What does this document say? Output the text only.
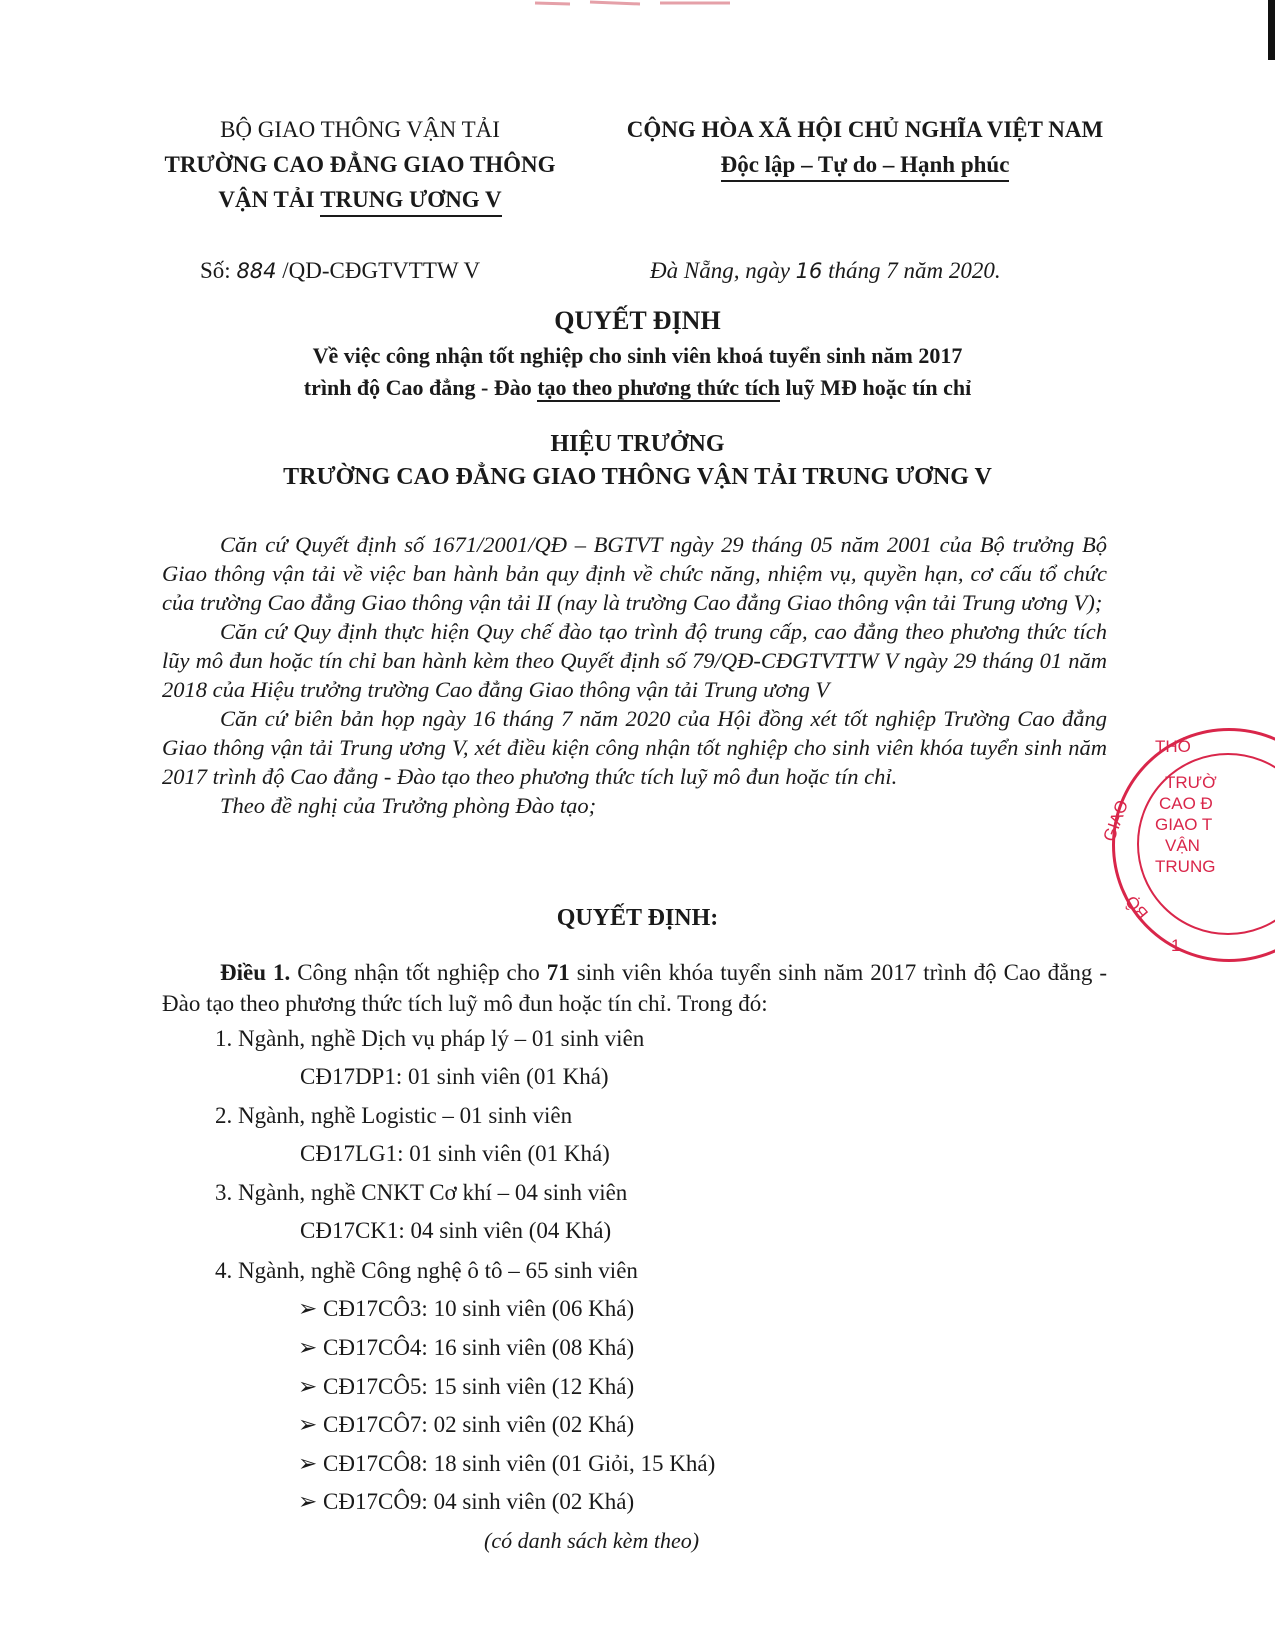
BỘ GIAO THÔNG VẬN TẢI
TRƯỜNG CAO ĐẲNG GIAO THÔNG
VẬN TẢI TRUNG ƯƠNG V
CỘNG HÒA XÃ HỘI CHỦ NGHĨA VIỆT NAM
Độc lập – Tự do – Hạnh phúc
Số: 884 /QD-CĐGTVTTW V	Đà Nẵng, ngày 16 tháng 7 năm 2020.
QUYẾT ĐỊNH
Về việc công nhận tốt nghiệp cho sinh viên khoá tuyển sinh năm 2017
trình độ Cao đẳng - Đào tạo theo phương thức tích luỹ MĐ hoặc tín chỉ
HIỆU TRƯỞNG
TRƯỜNG CAO ĐẲNG GIAO THÔNG VẬN TẢI TRUNG ƯƠNG V

Căn cứ Quyết định số 1671/2001/QĐ – BGTVT ngày 29 tháng 05 năm 2001 của Bộ trưởng Bộ Giao thông vận tải về việc ban hành bản quy định về chức năng, nhiệm vụ, quyền hạn, cơ cấu tổ chức của trường Cao đẳng Giao thông vận tải II (nay là trường Cao đẳng Giao thông vận tải Trung ương V);

Căn cứ Quy định thực hiện Quy chế đào tạo trình độ trung cấp, cao đẳng theo phương thức tích lũy mô đun hoặc tín chỉ ban hành kèm theo Quyết định số 79/QĐ-CĐGTVTTW V ngày 29 tháng 01 năm 2018 của Hiệu trưởng trường Cao đẳng Giao thông vận tải Trung ương V

Căn cứ biên bản họp ngày 16 tháng 7 năm 2020 của Hội đồng xét tốt nghiệp Trường Cao đẳng Giao thông vận tải Trung ương V, xét điều kiện công nhận tốt nghiệp cho sinh viên khóa tuyển sinh năm 2017 trình độ Cao đẳng - Đào tạo theo phương thức tích luỹ mô đun hoặc tín chỉ.

Theo đề nghị của Trưởng phòng Đào tạo;

THÔ
GIAO
BỘ
1
TRƯỜ
CAO Đ
GIAO T
VẬN
TRUNG
QUYẾT ĐỊNH:
Điều 1. Công nhận tốt nghiệp cho 71 sinh viên khóa tuyển sinh năm 2017 trình độ Cao đẳng - Đào tạo theo phương thức tích luỹ mô đun hoặc tín chỉ. Trong đó:
1. Ngành, nghề Dịch vụ pháp lý – 01 sinh viên
CĐ17DP1: 01 sinh viên (01 Khá)
2. Ngành, nghề Logistic – 01 sinh viên
CĐ17LG1: 01 sinh viên (01 Khá)
3. Ngành, nghề CNKT Cơ khí – 04 sinh viên
CĐ17CK1: 04 sinh viên (04 Khá)
4. Ngành, nghề Công nghệ ô tô – 65 sinh viên
➢ CĐ17CÔ3: 10 sinh viên (06 Khá)
➢ CĐ17CÔ4: 16 sinh viên (08 Khá)
➢ CĐ17CÔ5: 15 sinh viên (12 Khá)
➢ CĐ17CÔ7: 02 sinh viên (02 Khá)
➢ CĐ17CÔ8: 18 sinh viên (01 Giỏi, 15 Khá)
➢ CĐ17CÔ9: 04 sinh viên (02 Khá)
(có danh sách kèm theo)
